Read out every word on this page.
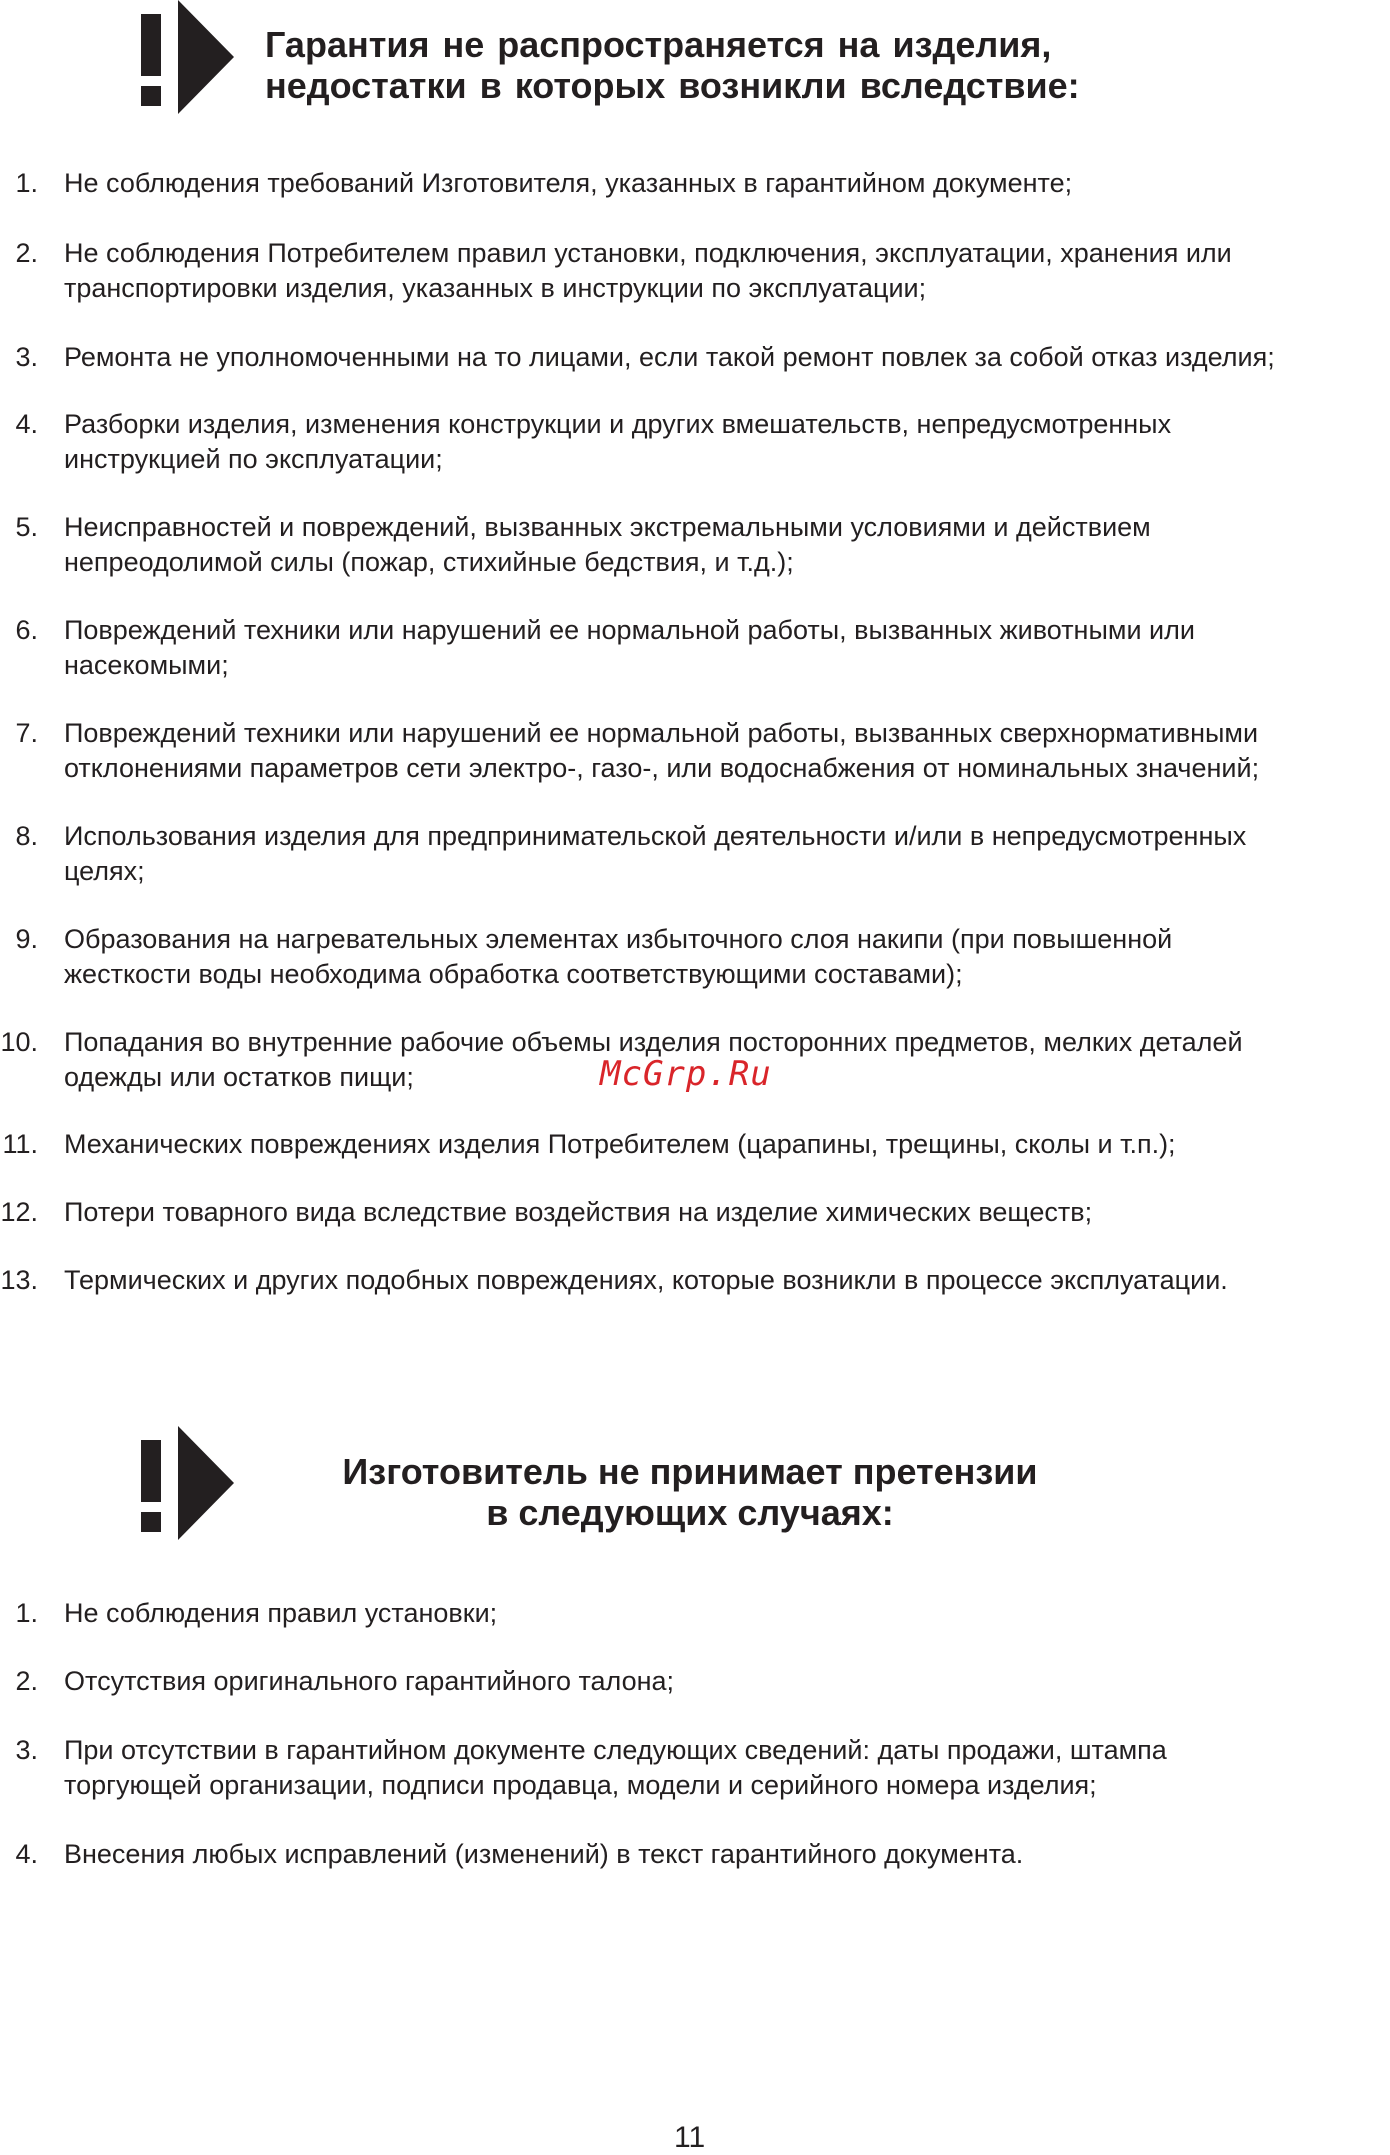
Гарантия не распространяется на изделия,
недостатки в которых возникли вследствие:
1. Не соблюдения требований Изготовителя, указанных в гарантийном документе;
2. Не соблюдения Потребителем правил установки, подключения, эксплуатации, хранения или
транспортировки изделия, указанных в инструкции по эксплуатации;
3. Ремонта не уполномоченными на то лицами, если такой ремонт повлек за собой отказ изделия;
4. Разборки изделия, изменения конструкции и других вмешательств, непредусмотренных
инструкцией по эксплуатации;
5. Неисправностей и повреждений, вызванных экстремальными условиями и действием
непреодолимой силы (пожар, стихийные бедствия, и т.д.);
6. Повреждений техники или нарушений ее нормальной работы, вызванных животными или
насекомыми;
7. Повреждений техники или нарушений ее нормальной работы, вызванных сверхнормативными
отклонениями параметров сети электро-, газо-, или водоснабжения от номинальных значений;
8. Использования изделия для предпринимательской деятельности и/или в непредусмотренных
целях;
9. Образования на нагревательных элементах избыточного слоя накипи (при повышенной
жесткости воды необходима обработка соответствующими составами);
10. Попадания во внутренние рабочие объемы изделия посторонних предметов, мелких деталей
одежды или остатков пищи;
11. Механических повреждениях изделия Потребителем (царапины, трещины, сколы и т.п.);
12. Потери товарного вида вследствие воздействия на изделие химических веществ;
13. Термических и других подобных повреждениях, которые возникли в процессе эксплуатации.
Изготовитель не принимает претензии
в следующих случаях:
1. Не соблюдения правил установки;
2. Отсутствия оригинального гарантийного талона;
3. При отсутствии в гарантийном документе следующих сведений: даты продажи, штампа
торгующей организации, подписи продавца, модели и серийного номера изделия;
4. Внесения любых исправлений (изменений) в текст гарантийного документа.
McGrp.Ru
11
